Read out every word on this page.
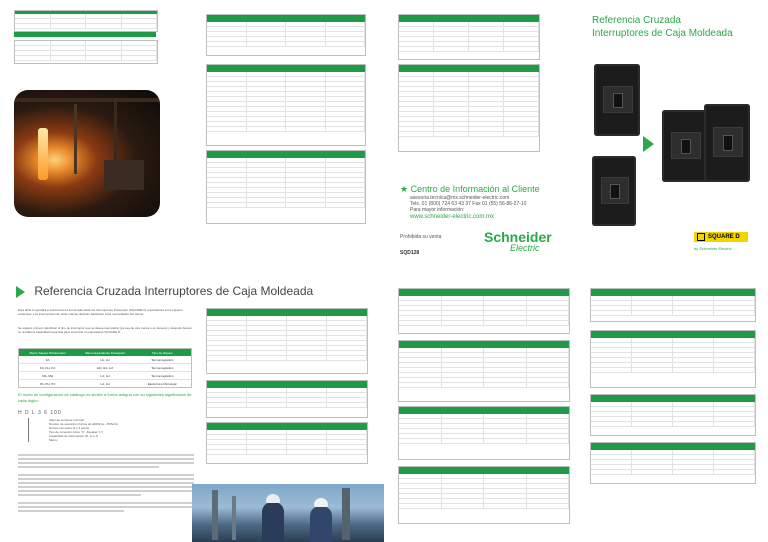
★ Centro de Información al Cliente
asesoria.tecnica@mx.schneider-electric.com
Tels. 01 (800) 724 63 43 37 Fax 01 (55) 56-86-27-10
Para mayor información:
www.schneider-electric.com.mx
Prohibida su venta
SQD128
Schneider
Electric
Referencia Cruzada
Interruptores de Caja Moldeada
SQUARE D
by Schneider Electric
Referencia Cruzada Interruptores de Caja Moldeada
Esta tabla le ayudará a seleccionar la forma adecuada los Interruptores Powerpact (SQUARE D) equivalentes a los equipos existentes. Los interruptores de otras marcas deberán adaptarse a las necesidades del cliente.
Se sugiere primero identificar el tipo de interruptor que se desea reemplazar (ya sea de otra marca o en desuso) y después buscar en la tabla la capacidad requerida para encontrar su equivalente SQUARE D.
Marco Square D/Interruptor	Marco Equivalente Powerpact	Tipo de disparo
FA	HL, HJ	Termomagnético
KA, KH, KC	HD, HG, HJ	Termomagnético
MA, MH	LA, LH	Termomagnético
PA, PH, PC	LA, LH	Electrónico Micrologic
El modo de configuración de catálogo es similar a forma antigua con su siguientes significados de cada dígito:
H D L 3 6 100
Valor de corriente nominal
Tensión de operación (Única de ≤600Vca - 350Vcd)
Número de polos (2 y 3 polos)
Tipo de conexión (Lline "A", Zapatas "L")
Capacidad de interrupción (D, G o J)
Marco
